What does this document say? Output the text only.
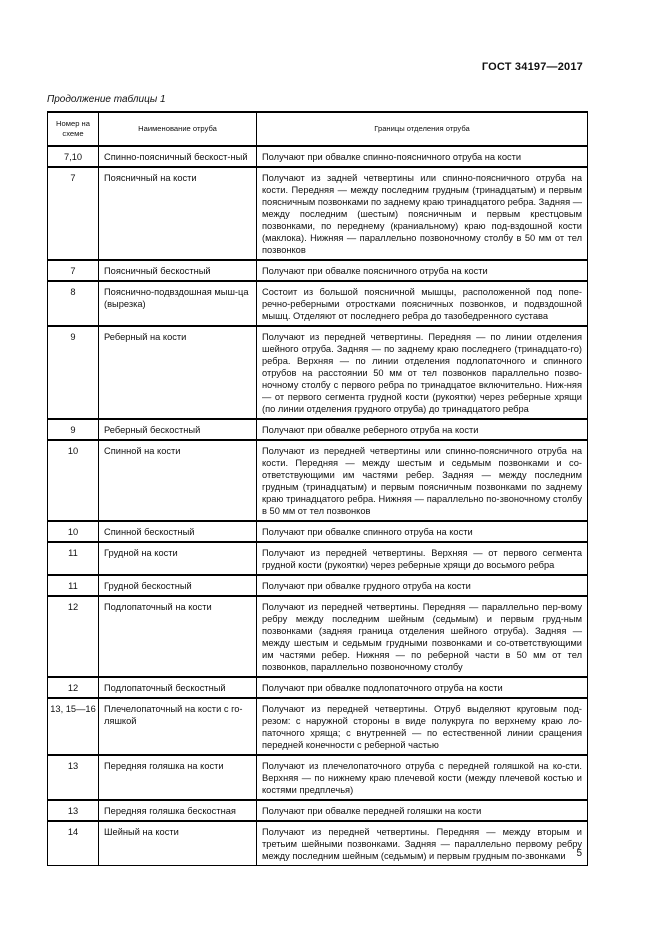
ГОСТ 34197—2017
Продолжение таблицы 1
Номер на схеме	Наименование отруба	Границы отделения отруба
7,10	Спинно-поясничный бескост-ный	Получают при обвалке спинно-поясничного отруба на кости
7	Поясничный на кости	Получают из задней четвертины или спинно-поясничного отруба на кости. Передняя — между последним грудным (тринадцатым) и первым поясничным позвонками по заднему краю тринадцатого ребра. Задняя — между последним (шестым) поясничным и первым крестцовым позвонками, по переднему (краниальному) краю под-вздошной кости (маклока). Нижняя — параллельно позвоночному столбу в 50 мм от тел позвонков
7	Поясничный бескостный	Получают при обвалке поясничного отруба на кости
8	Пояснично-подвздошная мыш-ца (вырезка)	Состоит из большой поясничной мышцы, расположенной под попе-речно-реберными отростками поясничных позвонков, и подвздошной мышц. Отделяют от последнего ребра до тазобедренного сустава
9	Реберный на кости	Получают из передней четвертины. Передняя — по линии отделения шейного отруба. Задняя — по заднему краю последнего (тринадцато-го) ребра. Верхняя — по линии отделения подлопаточного и спинного отрубов на расстоянии 50 мм от тел позвонков параллельно позво-ночному столбу с первого ребра по тринадцатое включительно. Ниж-няя — от первого сегмента грудной кости (рукоятки) через реберные хрящи (по линии отделения грудного отруба) до тринадцатого ребра
9	Реберный бескостный	Получают при обвалке реберного отруба на кости
10	Спинной на кости	Получают из передней четвертины или спинно-поясничного отруба на кости. Передняя — между шестым и седьмым позвонками и со-ответствующими им частями ребер. Задняя — между последним грудным (тринадцатым) и первым поясничным позвонками по заднему краю тринадцатого ребра. Нижняя — параллельно по-звоночному столбу в 50 мм от тел позвонков
10	Спинной бескостный	Получают при обвалке спинного отруба на кости
11	Грудной на кости	Получают из передней четвертины. Верхняя — от первого сегмента грудной кости (рукоятки) через реберные хрящи до восьмого ребра
11	Грудной бескостный	Получают при обвалке грудного отруба на кости
12	Подлопаточный на кости	Получают из передней четвертины. Передняя — параллельно пер-вому ребру между последним шейным (седьмым) и первым груд-ным позвонками (задняя граница отделения шейного отруба). Задняя — между шестым и седьмым грудными позвонками и со-ответствующими им частями ребер. Нижняя — по реберной части в 50 мм от тел позвонков, параллельно позвоночному столбу
12	Подлопаточный бескостный	Получают при обвалке подлопаточного отруба на кости
13, 15—16	Плечелопаточный на кости с го-ляшкой	Получают из передней четвертины. Отруб выделяют круговым под-резом: с наружной стороны в виде полукруга по верхнему краю ло-паточного хряща; с внутренней — по естественной линии сращения передней конечности с реберной частью
13	Передняя голяшка на кости	Получают из плечелопаточного отруба с передней голяшкой на ко-сти. Верхняя — по нижнему краю плечевой кости (между плечевой костью и костями предплечья)
13	Передняя голяшка бескостная	Получают при обвалке передней голяшки на кости
14	Шейный на кости	Получают из передней четвертины. Передняя — между вторым и третьим шейными позвонками. Задняя — параллельно первому ребру между последним шейным (седьмым) и первым грудным по-звонками 5
